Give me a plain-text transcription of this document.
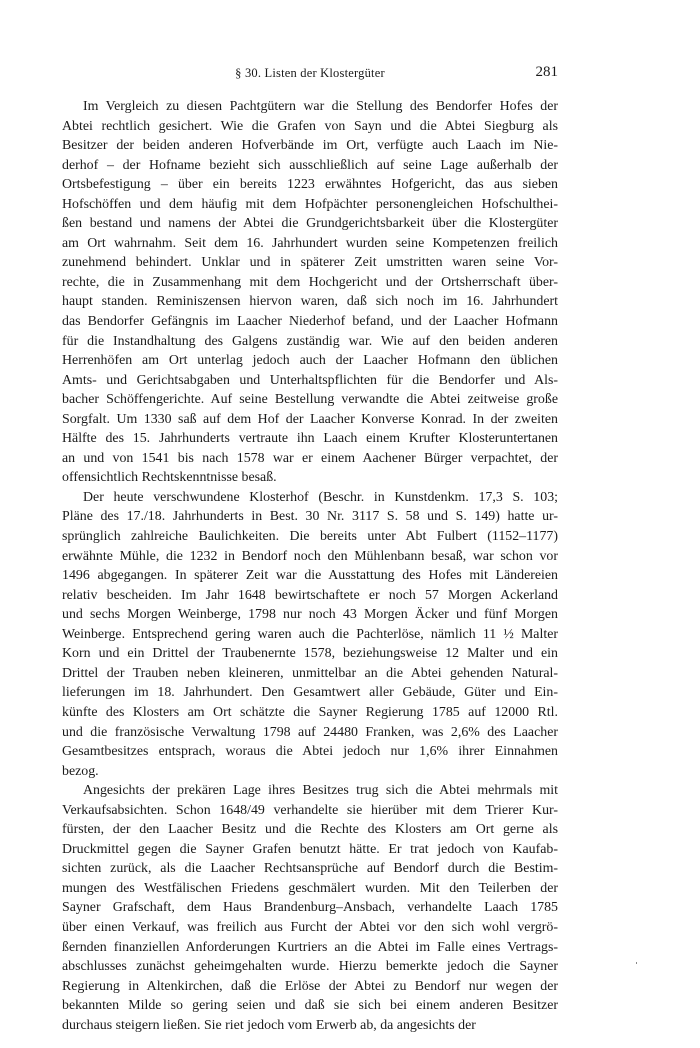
§ 30. Listen der Klostergüter	281
Im Vergleich zu diesen Pachtgütern war die Stellung des Bendorfer Hofes der
Abtei rechtlich gesichert. Wie die Grafen von Sayn und die Abtei Siegburg als
Besitzer der beiden anderen Hofverbände im Ort, verfügte auch Laach im Nie-
derhof – der Hofname bezieht sich ausschließlich auf seine Lage außerhalb der
Ortsbefestigung – über ein bereits 1223 erwähntes Hofgericht, das aus sieben
Hofschöffen und dem häufig mit dem Hofpächter personengleichen Hofschulthei-
ßen bestand und namens der Abtei die Grundgerichtsbarkeit über die Klostergüter
am Ort wahrnahm. Seit dem 16. Jahrhundert wurden seine Kompetenzen freilich
zunehmend behindert. Unklar und in späterer Zeit umstritten waren seine Vor-
rechte, die in Zusammenhang mit dem Hochgericht und der Ortsherrschaft über-
haupt standen. Reminiszensen hiervon waren, daß sich noch im 16. Jahrhundert
das Bendorfer Gefängnis im Laacher Niederhof befand, und der Laacher Hofmann
für die Instandhaltung des Galgens zuständig war. Wie auf den beiden anderen
Herrenhöfen am Ort unterlag jedoch auch der Laacher Hofmann den üblichen
Amts- und Gerichtsabgaben und Unterhaltspflichten für die Bendorfer und Als-
bacher Schöffengerichte. Auf seine Bestellung verwandte die Abtei zeitweise große
Sorgfalt. Um 1330 saß auf dem Hof der Laacher Konverse Konrad. In der zweiten
Hälfte des 15. Jahrhunderts vertraute ihn Laach einem Krufter Klosteruntertanen
an und von 1541 bis nach 1578 war er einem Aachener Bürger verpachtet, der
offensichtlich Rechtskenntnisse besaß.
Der heute verschwundene Klosterhof (Beschr. in Kunstdenkm. 17,3 S. 103;
Pläne des 17./18. Jahrhunderts in Best. 30 Nr. 3117 S. 58 und S. 149) hatte ur-
sprünglich zahlreiche Baulichkeiten. Die bereits unter Abt Fulbert (1152–1177)
erwähnte Mühle, die 1232 in Bendorf noch den Mühlenbann besaß, war schon vor
1496 abgegangen. In späterer Zeit war die Ausstattung des Hofes mit Ländereien
relativ bescheiden. Im Jahr 1648 bewirtschaftete er noch 57 Morgen Ackerland
und sechs Morgen Weinberge, 1798 nur noch 43 Morgen Äcker und fünf Morgen
Weinberge. Entsprechend gering waren auch die Pachterlöse, nämlich 11 ½ Malter
Korn und ein Drittel der Traubenernte 1578, beziehungsweise 12 Malter und ein
Drittel der Trauben neben kleineren, unmittelbar an die Abtei gehenden Natural-
lieferungen im 18. Jahrhundert. Den Gesamtwert aller Gebäude, Güter und Ein-
künfte des Klosters am Ort schätzte die Sayner Regierung 1785 auf 12000 Rtl.
und die französische Verwaltung 1798 auf 24480 Franken, was 2,6% des Laacher
Gesamtbesitzes entsprach, woraus die Abtei jedoch nur 1,6% ihrer Einnahmen
bezog.
Angesichts der prekären Lage ihres Besitzes trug sich die Abtei mehrmals mit
Verkaufsabsichten. Schon 1648/49 verhandelte sie hierüber mit dem Trierer Kur-
fürsten, der den Laacher Besitz und die Rechte des Klosters am Ort gerne als
Druckmittel gegen die Sayner Grafen benutzt hätte. Er trat jedoch von Kaufab-
sichten zurück, als die Laacher Rechtsansprüche auf Bendorf durch die Bestim-
mungen des Westfälischen Friedens geschmälert wurden. Mit den Teilerben der
Sayner Grafschaft, dem Haus Brandenburg–Ansbach, verhandelte Laach 1785
über einen Verkauf, was freilich aus Furcht der Abtei vor den sich wohl vergrö-
ßernden finanziellen Anforderungen Kurtriers an die Abtei im Falle eines Vertrags-
abschlusses zunächst geheimgehalten wurde. Hierzu bemerkte jedoch die Sayner
Regierung in Altenkirchen, daß die Erlöse der Abtei zu Bendorf nur wegen der
bekannten Milde so gering seien und daß sie sich bei einem anderen Besitzer
durchaus steigern ließen. Sie riet jedoch vom Erwerb ab, da angesichts der
